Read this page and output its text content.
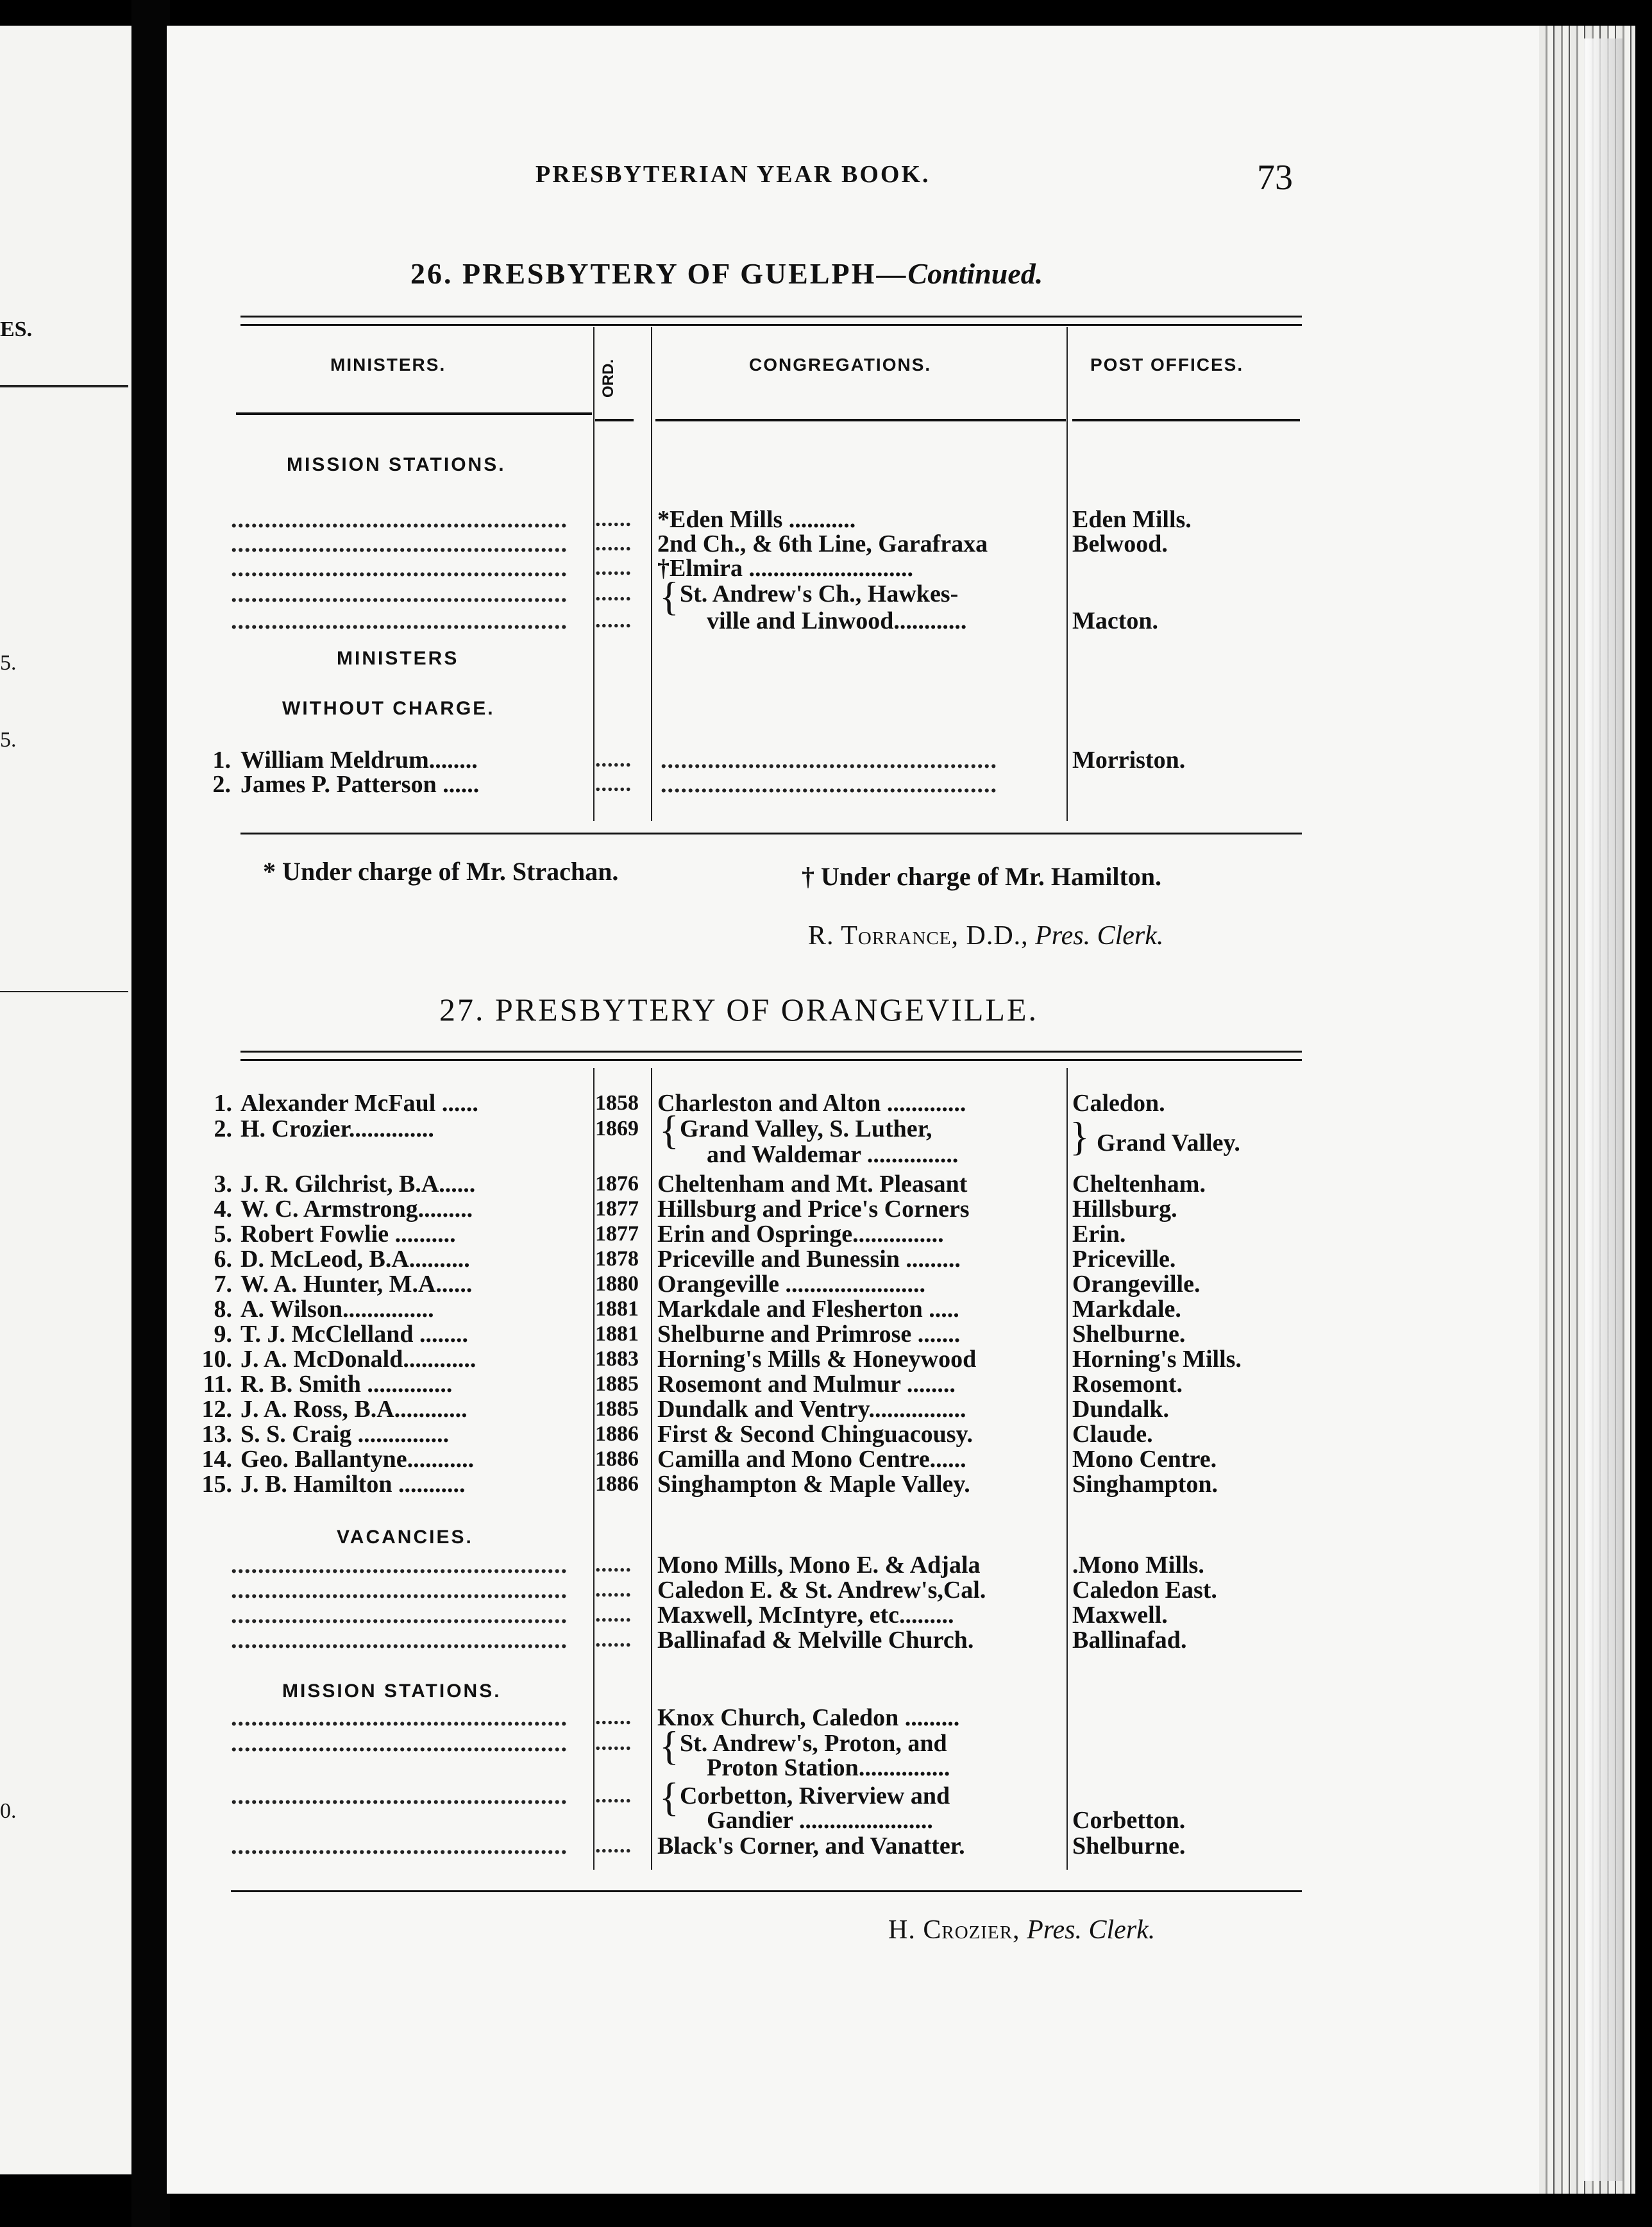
ES.
5.
5.
0.
PRESBYTERIAN YEAR BOOK.	73
26. PRESBYTERY OF GUELPH—Continued.
MINISTERS.	ORD.	CONGREGATIONS.	POST OFFICES.
MISSION STATIONS.
..................................................	...... *Eden Mills ...........	Eden Mills.
..................................................	...... 2nd Ch., & 6th Line, Garafraxa	Belwood.
..................................................	...... †Elmira ...........................
{
..................................................	...... St. Andrew's Ch., Hawkes-
..................................................	......	ville and Linwood............	Macton.
MINISTERS
WITHOUT CHARGE.
1. William Meldrum........	...... ..................................................	Morriston.
2. James P. Patterson ......	...... ..................................................
* Under charge of Mr. Strachan.	† Under charge of Mr. Hamilton.
R. Torrance, D.D., Pres. Clerk.
27. PRESBYTERY OF ORANGEVILLE.
1. Alexander McFaul ......	1858 Charleston and Alton .............	Caledon.
2. H. Crozier..............	1869 Grand Valley, S. Luther,
and Waldemar ...............	Grand Valley.
3. J. R. Gilchrist, B.A......	1876 Cheltenham and Mt. Pleasant	Cheltenham.
4. W. C. Armstrong.........	1877 Hillsburg and Price's Corners	Hillsburg.
5. Robert Fowlie ..........	1877 Erin and Ospringe...............	Erin.
6. D. McLeod, B.A..........	1878 Priceville and Bunessin .........	Priceville.
7. W. A. Hunter, M.A......	1880 Orangeville .......................	Orangeville.
8. A. Wilson...............	1881 Markdale and Flesherton .....	Markdale.
9. T. J. McClelland ........	1881 Shelburne and Primrose .......	Shelburne.
10. J. A. McDonald............	1883 Horning's Mills & Honeywood	Horning's Mills.
11. R. B. Smith ..............	1885 Rosemont and Mulmur ........	Rosemont.
12. J. A. Ross, B.A............	1885 Dundalk and Ventry................	Dundalk.
13. S. S. Craig ...............	1886 First & Second Chinguacousy.	Claude.
14. Geo. Ballantyne...........	1886 Camilla and Mono Centre......	Mono Centre.
15. J. B. Hamilton ...........	1886 Singhampton & Maple Valley.	Singhampton.
{	}
VACANCIES.
..................................................	...... Mono Mills, Mono E. & Adjala	.Mono Mills.
..................................................	...... Caledon E. & St. Andrew's,Cal.	Caledon East.
..................................................	...... Maxwell, McIntyre, etc.........	Maxwell.
..................................................	...... Ballinafad & Melville Church.	Ballinafad.
MISSION STATIONS.
..................................................	...... Knox Church, Caledon .........
..................................................	...... St. Andrew's, Proton, and
Proton Station...............
..................................................	...... Corbetton, Riverview and
Gandier ......................	Corbetton.
..................................................	...... Black's Corner, and Vanatter.	Shelburne.
{
{
H. Crozier, Pres. Clerk.
